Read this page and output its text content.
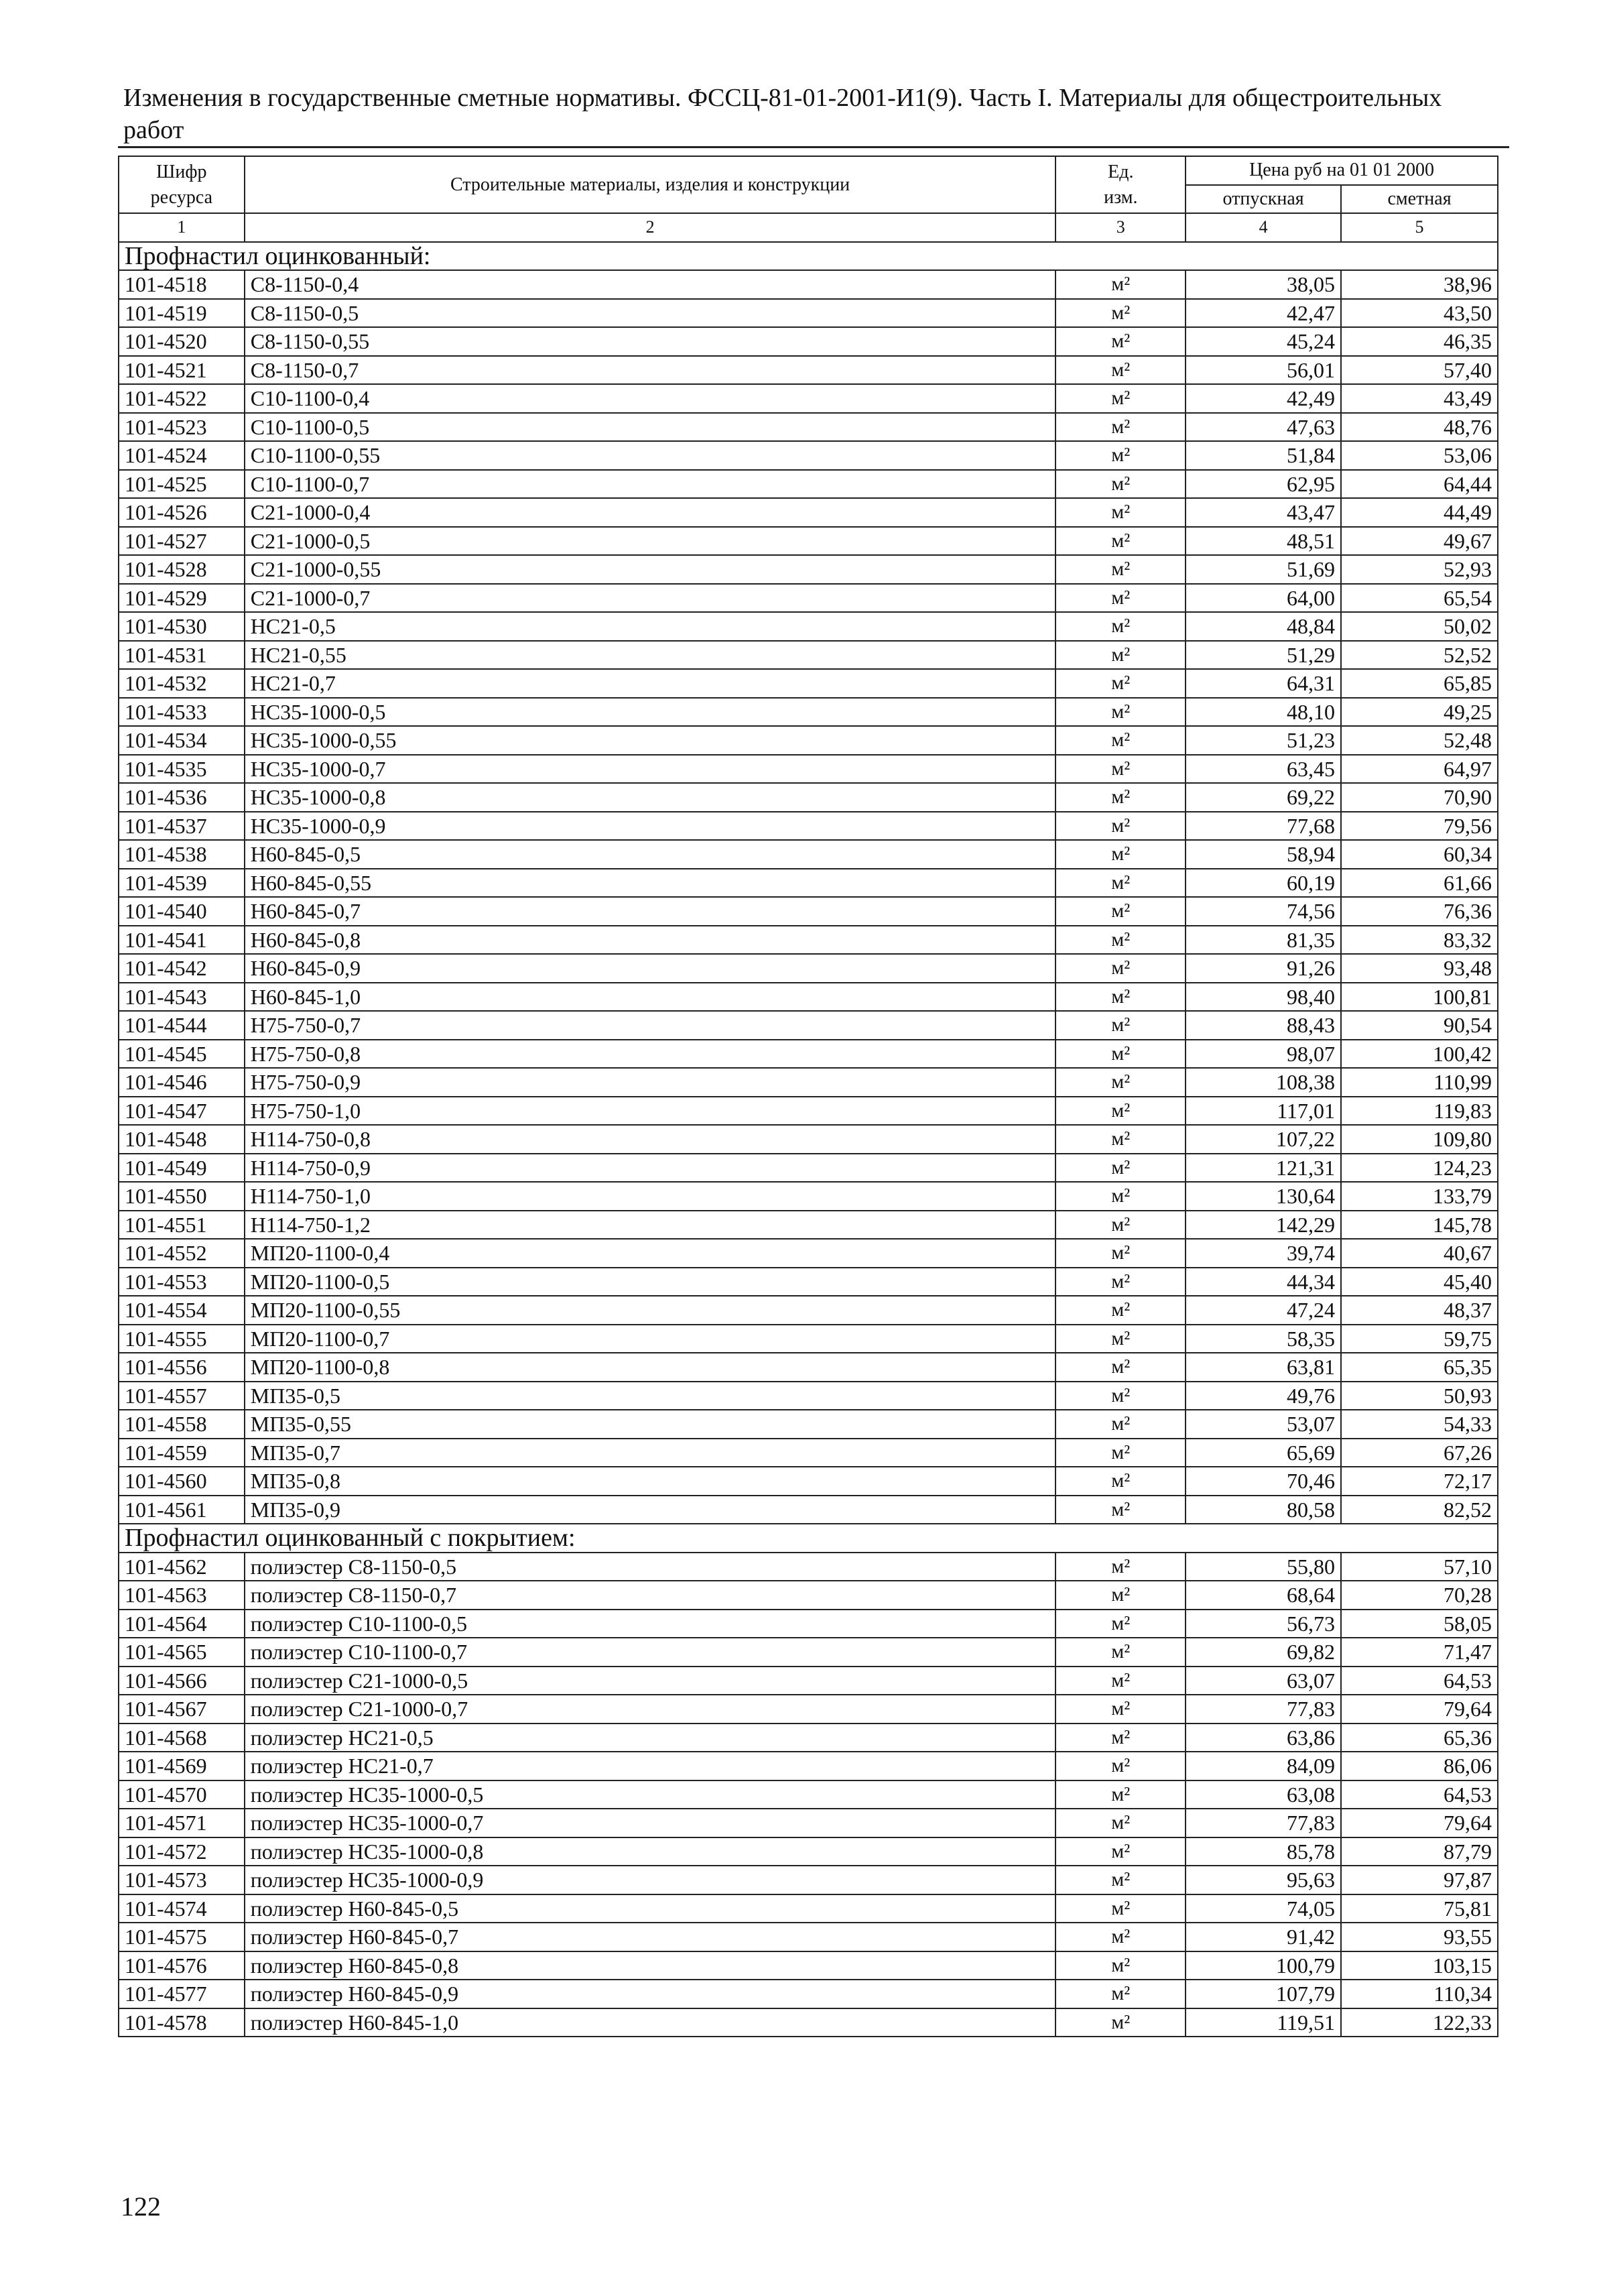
Изменения в государственные сметные нормативы. ФССЦ-81-01-2001-И1(9). Часть I. Материалы для общестроительных работ
Шифр
ресурса	Строительные материалы, изделия и конструкции	Ед.
изм.	Цена руб на 01 01 2000	
			отпускная	сметная
1	2	3	4	5
Профнастил оцинкованный:				
101-4518	С8-1150-0,4	м²	38,05	38,96
101-4519	С8-1150-0,5	м²	42,47	43,50
101-4520	С8-1150-0,55	м²	45,24	46,35
101-4521	С8-1150-0,7	м²	56,01	57,40
101-4522	С10-1100-0,4	м²	42,49	43,49
101-4523	С10-1100-0,5	м²	47,63	48,76
101-4524	С10-1100-0,55	м²	51,84	53,06
101-4525	С10-1100-0,7	м²	62,95	64,44
101-4526	С21-1000-0,4	м²	43,47	44,49
101-4527	С21-1000-0,5	м²	48,51	49,67
101-4528	С21-1000-0,55	м²	51,69	52,93
101-4529	С21-1000-0,7	м²	64,00	65,54
101-4530	НС21-0,5	м²	48,84	50,02
101-4531	НС21-0,55	м²	51,29	52,52
101-4532	НС21-0,7	м²	64,31	65,85
101-4533	НС35-1000-0,5	м²	48,10	49,25
101-4534	НС35-1000-0,55	м²	51,23	52,48
101-4535	НС35-1000-0,7	м²	63,45	64,97
101-4536	НС35-1000-0,8	м²	69,22	70,90
101-4537	НС35-1000-0,9	м²	77,68	79,56
101-4538	Н60-845-0,5	м²	58,94	60,34
101-4539	Н60-845-0,55	м²	60,19	61,66
101-4540	Н60-845-0,7	м²	74,56	76,36
101-4541	Н60-845-0,8	м²	81,35	83,32
101-4542	Н60-845-0,9	м²	91,26	93,48
101-4543	Н60-845-1,0	м²	98,40	100,81
101-4544	Н75-750-0,7	м²	88,43	90,54
101-4545	Н75-750-0,8	м²	98,07	100,42
101-4546	Н75-750-0,9	м²	108,38	110,99
101-4547	Н75-750-1,0	м²	117,01	119,83
101-4548	Н114-750-0,8	м²	107,22	109,80
101-4549	Н114-750-0,9	м²	121,31	124,23
101-4550	Н114-750-1,0	м²	130,64	133,79
101-4551	Н114-750-1,2	м²	142,29	145,78
101-4552	МП20-1100-0,4	м²	39,74	40,67
101-4553	МП20-1100-0,5	м²	44,34	45,40
101-4554	МП20-1100-0,55	м²	47,24	48,37
101-4555	МП20-1100-0,7	м²	58,35	59,75
101-4556	МП20-1100-0,8	м²	63,81	65,35
101-4557	МП35-0,5	м²	49,76	50,93
101-4558	МП35-0,55	м²	53,07	54,33
101-4559	МП35-0,7	м²	65,69	67,26
101-4560	МП35-0,8	м²	70,46	72,17
101-4561	МП35-0,9	м²	80,58	82,52
Профнастил оцинкованный с покрытием:				
101-4562	полиэстер С8-1150-0,5	м²	55,80	57,10
101-4563	полиэстер С8-1150-0,7	м²	68,64	70,28
101-4564	полиэстер С10-1100-0,5	м²	56,73	58,05
101-4565	полиэстер С10-1100-0,7	м²	69,82	71,47
101-4566	полиэстер С21-1000-0,5	м²	63,07	64,53
101-4567	полиэстер С21-1000-0,7	м²	77,83	79,64
101-4568	полиэстер НС21-0,5	м²	63,86	65,36
101-4569	полиэстер НС21-0,7	м²	84,09	86,06
101-4570	полиэстер НС35-1000-0,5	м²	63,08	64,53
101-4571	полиэстер НС35-1000-0,7	м²	77,83	79,64
101-4572	полиэстер НС35-1000-0,8	м²	85,78	87,79
101-4573	полиэстер НС35-1000-0,9	м²	95,63	97,87
101-4574	полиэстер Н60-845-0,5	м²	74,05	75,81
101-4575	полиэстер Н60-845-0,7	м²	91,42	93,55
101-4576	полиэстер Н60-845-0,8	м²	100,79	103,15
101-4577	полиэстер Н60-845-0,9	м²	107,79	110,34
101-4578	полиэстер Н60-845-1,0	м²	119,51	122,33
122
